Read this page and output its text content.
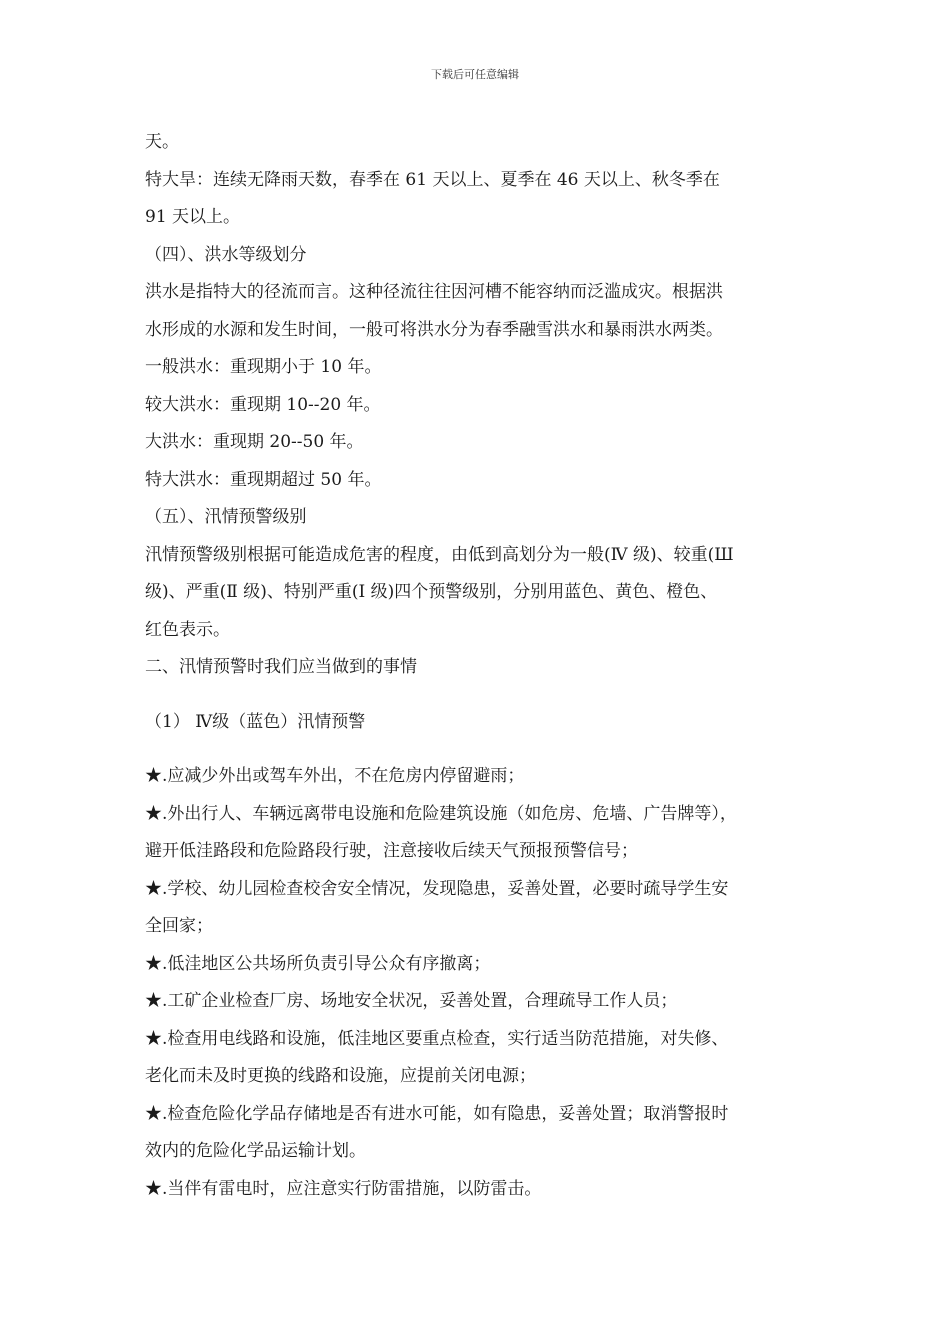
下载后可任意编辑
天。
特大旱：连续无降雨天数，春季在 61 天以上、夏季在 46 天以上、秋冬季在
91 天以上。
（四）、洪水等级划分
洪水是指特大的径流而言。这种径流往往因河槽不能容纳而泛滥成灾。根据洪
水形成的水源和发生时间，一般可将洪水分为春季融雪洪水和暴雨洪水两类。
一般洪水：重现期小于 10 年。
较大洪水：重现期 10--20 年。
大洪水：重现期 20--50 年。
特大洪水：重现期超过 50 年。
（五）、汛情预警级别
汛情预警级别根据可能造成危害的程度，由低到高划分为一般(Ⅳ 级)、较重(Ш
级)、严重(Ⅱ 级)、特别严重(Ⅰ 级)四个预警级别，分别用蓝色、黄色、橙色、
红色表示。
二、汛情预警时我们应当做到的事情
（1） Ⅳ级（蓝色）汛情预警
★.应减少外出或驾车外出，不在危房内停留避雨；
★.外出行人、车辆远离带电设施和危险建筑设施（如危房、危墙、广告牌等），
避开低洼路段和危险路段行驶，注意接收后续天气预报预警信号；
★.学校、幼儿园检查校舍安全情况，发现隐患，妥善处置，必要时疏导学生安
全回家；
★.低洼地区公共场所负责引导公众有序撤离；
★.工矿企业检查厂房、场地安全状况，妥善处置，合理疏导工作人员；
★.检查用电线路和设施，低洼地区要重点检查，实行适当防范措施，对失修、
老化而未及时更换的线路和设施，应提前关闭电源；
★.检查危险化学品存储地是否有进水可能，如有隐患，妥善处置；取消警报时
效内的危险化学品运输计划。
★.当伴有雷电时，应注意实行防雷措施，以防雷击。
